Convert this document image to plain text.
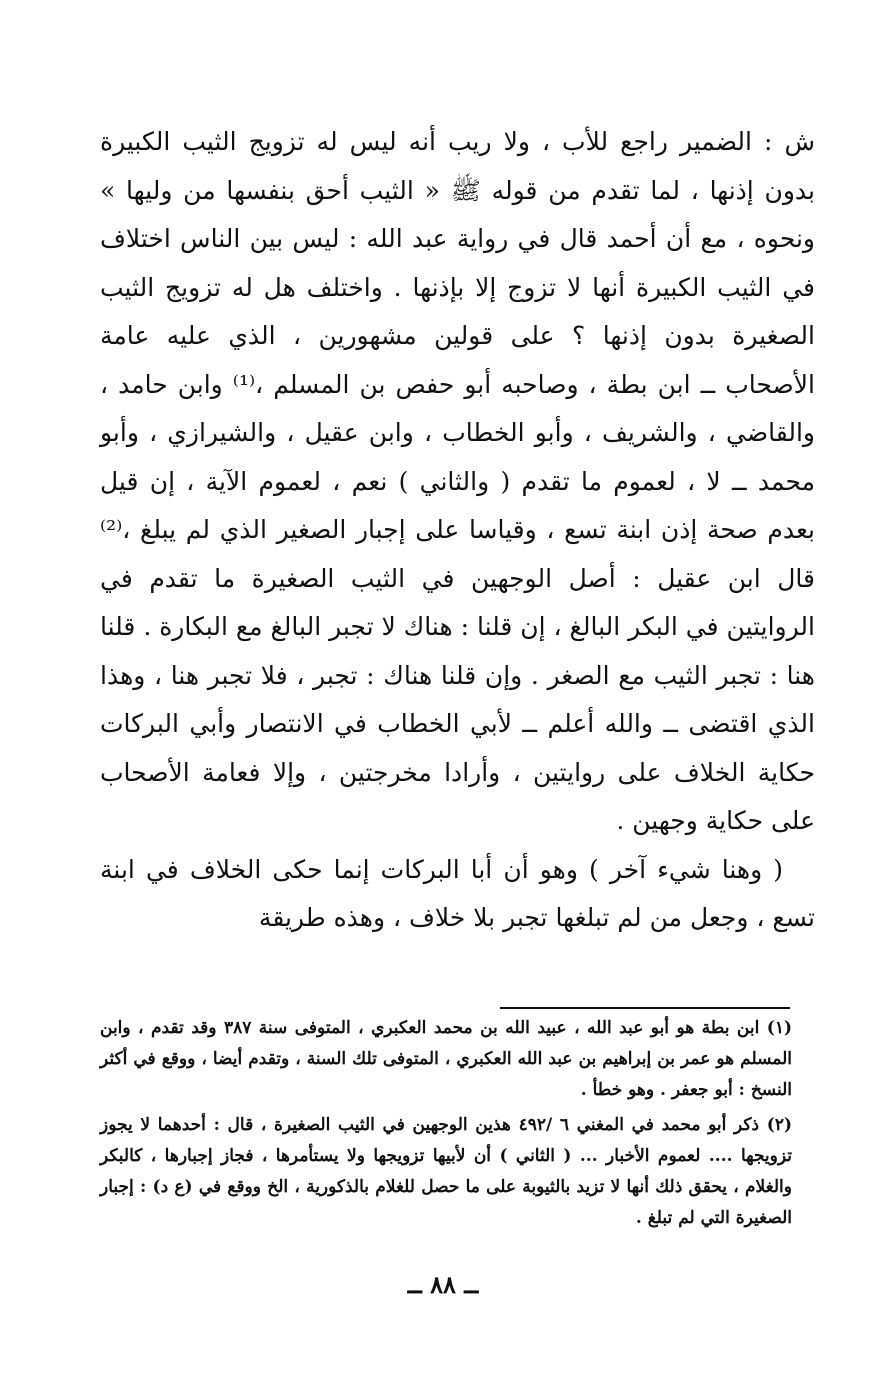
ش : الضمير راجع للأب ، ولا ريب أنه ليس له تزويج الثيب الكبيرة بدون إذنها ، لما تقدم من قوله ﷺ « الثيب أحق بنفسها من وليها » ونحوه ، مع أن أحمد قال في رواية عبد الله : ليس بين الناس اختلاف في الثيب الكبيرة أنها لا تزوج إلا بإذنها . واختلف هل له تزويج الثيب الصغيرة بدون إذنها ؟ على قولين مشهورين ، الذي عليه عامة الأصحاب ــ ابن بطة ، وصاحبه أبو حفص بن المسلم ،⁽¹⁾ وابن حامد ، والقاضي ، والشريف ، وأبو الخطاب ، وابن عقيل ، والشيرازي ، وأبو محمد ــ لا ، لعموم ما تقدم ( والثاني ) نعم ، لعموم الآية ، إن قيل بعدم صحة إذن ابنة تسع ، وقياسا على إجبار الصغير الذي لم يبلغ ،⁽²⁾ قال ابن عقيل : أصل الوجهين في الثيب الصغيرة ما تقدم في الروايتين في البكر البالغ ، إن قلنا : هناك لا تجبر البالغ مع البكارة . قلنا هنا : تجبر الثيب مع الصغر . وإن قلنا هناك : تجبر ، فلا تجبر هنا ، وهذا الذي اقتضى ــ والله أعلم ــ لأبي الخطاب في الانتصار وأبي البركات حكاية الخلاف على روايتين ، وأرادا مخرجتين ، وإلا فعامة الأصحاب على حكاية وجهين .

( وهنا شيء آخر ) وهو أن أبا البركات إنما حكى الخلاف في ابنة تسع ، وجعل من لم تبلغها تجبر بلا خلاف ، وهذه طريقة

(١) ابن بطة هو أبو عبد الله ، عبيد الله بن محمد العكبري ، المتوفى سنة ٣٨٧ وقد تقدم ، وابن المسلم هو عمر بن إبراهيم بن عبد الله العكبري ، المتوفى تلك السنة ، وتقدم أيضا ، ووقع في أكثر النسخ : أبو جعفر . وهو خطأ .

(٢) ذكر أبو محمد في المغني ٦ /٤٩٢ هذين الوجهين في الثيب الصغيرة ، قال : أحدهما لا يجوز تزويجها .... لعموم الأخبار ... ( الثاني ) أن لأبيها تزويجها ولا يستأمرها ، فجاز إجبارها ، كالبكر والغلام ، يحقق ذلك أنها لا تزيد بالثيوبة على ما حصل للغلام بالذكورية ، الخ ووقع في (ع د) : إجبار الصغيرة التي لم تبلغ .

ــ ٨٨ ــ
